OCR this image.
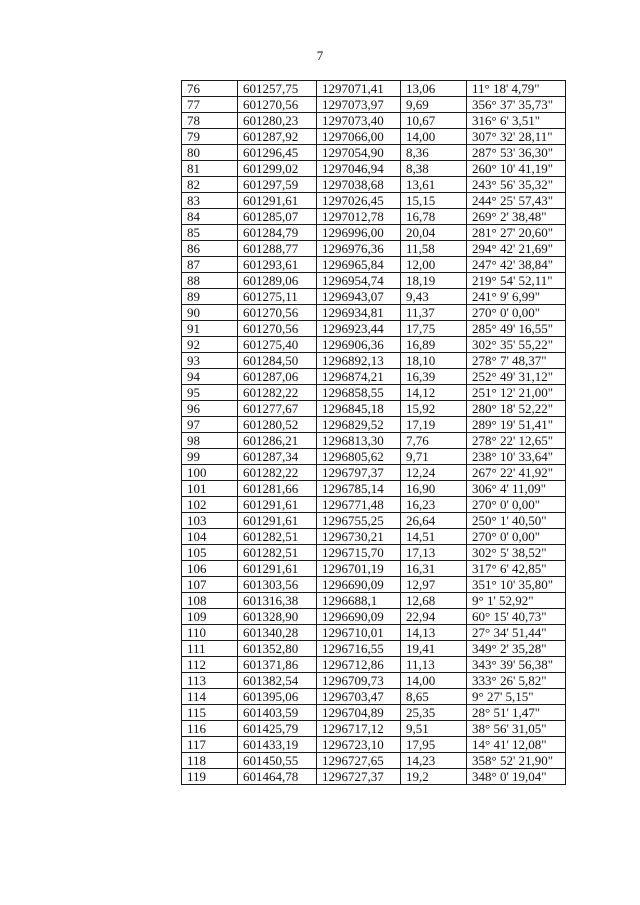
7
76	601257,75	1297071,41	13,06	11° 18' 4,79"
77	601270,56	1297073,97	9,69	356° 37' 35,73"
78	601280,23	1297073,40	10,67	316° 6' 3,51"
79	601287,92	1297066,00	14,00	307° 32' 28,11"
80	601296,45	1297054,90	8,36	287° 53' 36,30"
81	601299,02	1297046,94	8,38	260° 10' 41,19"
82	601297,59	1297038,68	13,61	243° 56' 35,32"
83	601291,61	1297026,45	15,15	244° 25' 57,43"
84	601285,07	1297012,78	16,78	269° 2' 38,48"
85	601284,79	1296996,00	20,04	281° 27' 20,60"
86	601288,77	1296976,36	11,58	294° 42' 21,69"
87	601293,61	1296965,84	12,00	247° 42' 38,84"
88	601289,06	1296954,74	18,19	219° 54' 52,11"
89	601275,11	1296943,07	9,43	241° 9' 6,99"
90	601270,56	1296934,81	11,37	270° 0' 0,00"
91	601270,56	1296923,44	17,75	285° 49' 16,55"
92	601275,40	1296906,36	16,89	302° 35' 55,22"
93	601284,50	1296892,13	18,10	278° 7' 48,37"
94	601287,06	1296874,21	16,39	252° 49' 31,12"
95	601282,22	1296858,55	14,12	251° 12' 21,00"
96	601277,67	1296845,18	15,92	280° 18' 52,22"
97	601280,52	1296829,52	17,19	289° 19' 51,41"
98	601286,21	1296813,30	7,76	278° 22' 12,65"
99	601287,34	1296805,62	9,71	238° 10' 33,64"
100	601282,22	1296797,37	12,24	267° 22' 41,92"
101	601281,66	1296785,14	16,90	306° 4' 11,09"
102	601291,61	1296771,48	16,23	270° 0' 0,00"
103	601291,61	1296755,25	26,64	250° 1' 40,50"
104	601282,51	1296730,21	14,51	270° 0' 0,00"
105	601282,51	1296715,70	17,13	302° 5' 38,52"
106	601291,61	1296701,19	16,31	317° 6' 42,85"
107	601303,56	1296690,09	12,97	351° 10' 35,80"
108	601316,38	1296688,1	12,68	9° 1' 52,92"
109	601328,90	1296690,09	22,94	60° 15' 40,73"
110	601340,28	1296710,01	14,13	27° 34' 51,44"
111	601352,80	1296716,55	19,41	349° 2' 35,28"
112	601371,86	1296712,86	11,13	343° 39' 56,38"
113	601382,54	1296709,73	14,00	333° 26' 5,82"
114	601395,06	1296703,47	8,65	9° 27' 5,15"
115	601403,59	1296704,89	25,35	28° 51' 1,47"
116	601425,79	1296717,12	9,51	38° 56' 31,05"
117	601433,19	1296723,10	17,95	14° 41' 12,08"
118	601450,55	1296727,65	14,23	358° 52' 21,90"
119	601464,78	1296727,37	19,2	348° 0' 19,04"
